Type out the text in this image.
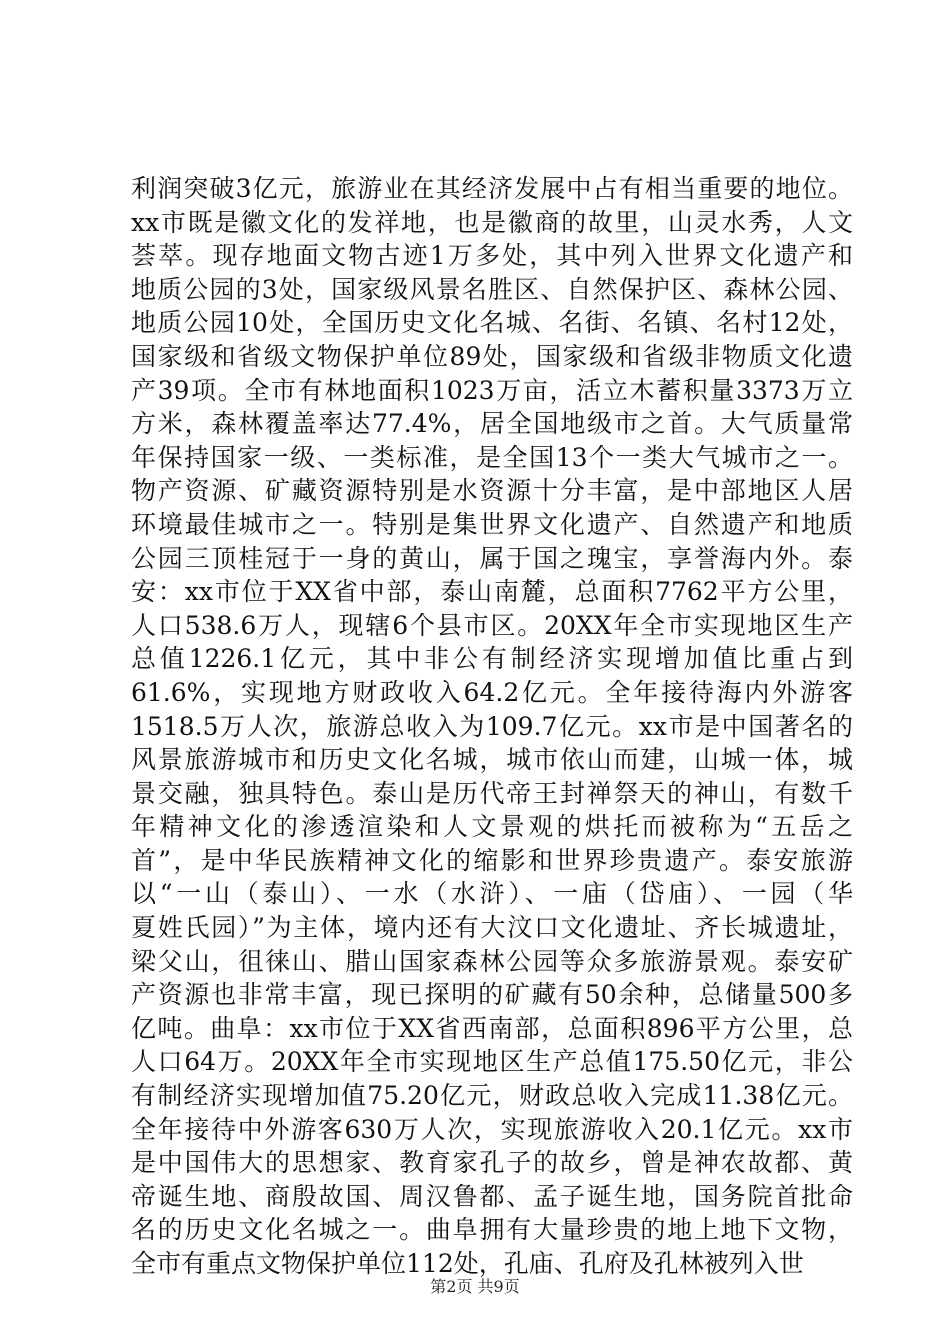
利润突破3亿元，旅游业在其经济发展中占有相当重要的地位。
xx市既是徽文化的发祥地，也是徽商的故里，山灵水秀，人文
荟萃。现存地面文物古迹1万多处，其中列入世界文化遗产和
地质公园的3处，国家级风景名胜区、自然保护区、森林公园、
地质公园10处，全国历史文化名城、名街、名镇、名村12处，
国家级和省级文物保护单位89处，国家级和省级非物质文化遗
产39项。全市有林地面积1023万亩，活立木蓄积量3373万立
方米，森林覆盖率达77.4%，居全国地级市之首。大气质量常
年保持国家一级、一类标准，是全国13个一类大气城市之一。
物产资源、矿藏资源特别是水资源十分丰富，是中部地区人居
环境最佳城市之一。特别是集世界文化遗产、自然遗产和地质
公园三顶桂冠于一身的黄山，属于国之瑰宝，享誉海内外。泰
安：xx市位于XX省中部，泰山南麓，总面积7762平方公里，
人口538.6万人，现辖6个县市区。20XX年全市实现地区生产
总值1226.1亿元，其中非公有制经济实现增加值比重占到
61.6%，实现地方财政收入64.2亿元。全年接待海内外游客
1518.5万人次，旅游总收入为109.7亿元。xx市是中国著名的
风景旅游城市和历史文化名城，城市依山而建，山城一体，城
景交融，独具特色。泰山是历代帝王封禅祭天的神山，有数千
年精神文化的渗透渲染和人文景观的烘托而被称为“五岳之
首”，是中华民族精神文化的缩影和世界珍贵遗产。泰安旅游
以“一山（泰山）、一水（水浒）、一庙（岱庙）、一园（华
夏姓氏园）”为主体，境内还有大汶口文化遗址、齐长城遗址，
梁父山，徂徕山、腊山国家森林公园等众多旅游景观。泰安矿
产资源也非常丰富，现已探明的矿藏有50余种，总储量500多
亿吨。曲阜：xx市位于XX省西南部，总面积896平方公里，总
人口64万。20XX年全市实现地区生产总值175.50亿元，非公
有制经济实现增加值75.20亿元，财政总收入完成11.38亿元。
全年接待中外游客630万人次，实现旅游收入20.1亿元。xx市
是中国伟大的思想家、教育家孔子的故乡，曾是神农故都、黄
帝诞生地、商殷故国、周汉鲁都、孟子诞生地，国务院首批命
名的历史文化名城之一。曲阜拥有大量珍贵的地上地下文物，
全市有重点文物保护单位112处，孔庙、孔府及孔林被列入世
第2页 共9页
